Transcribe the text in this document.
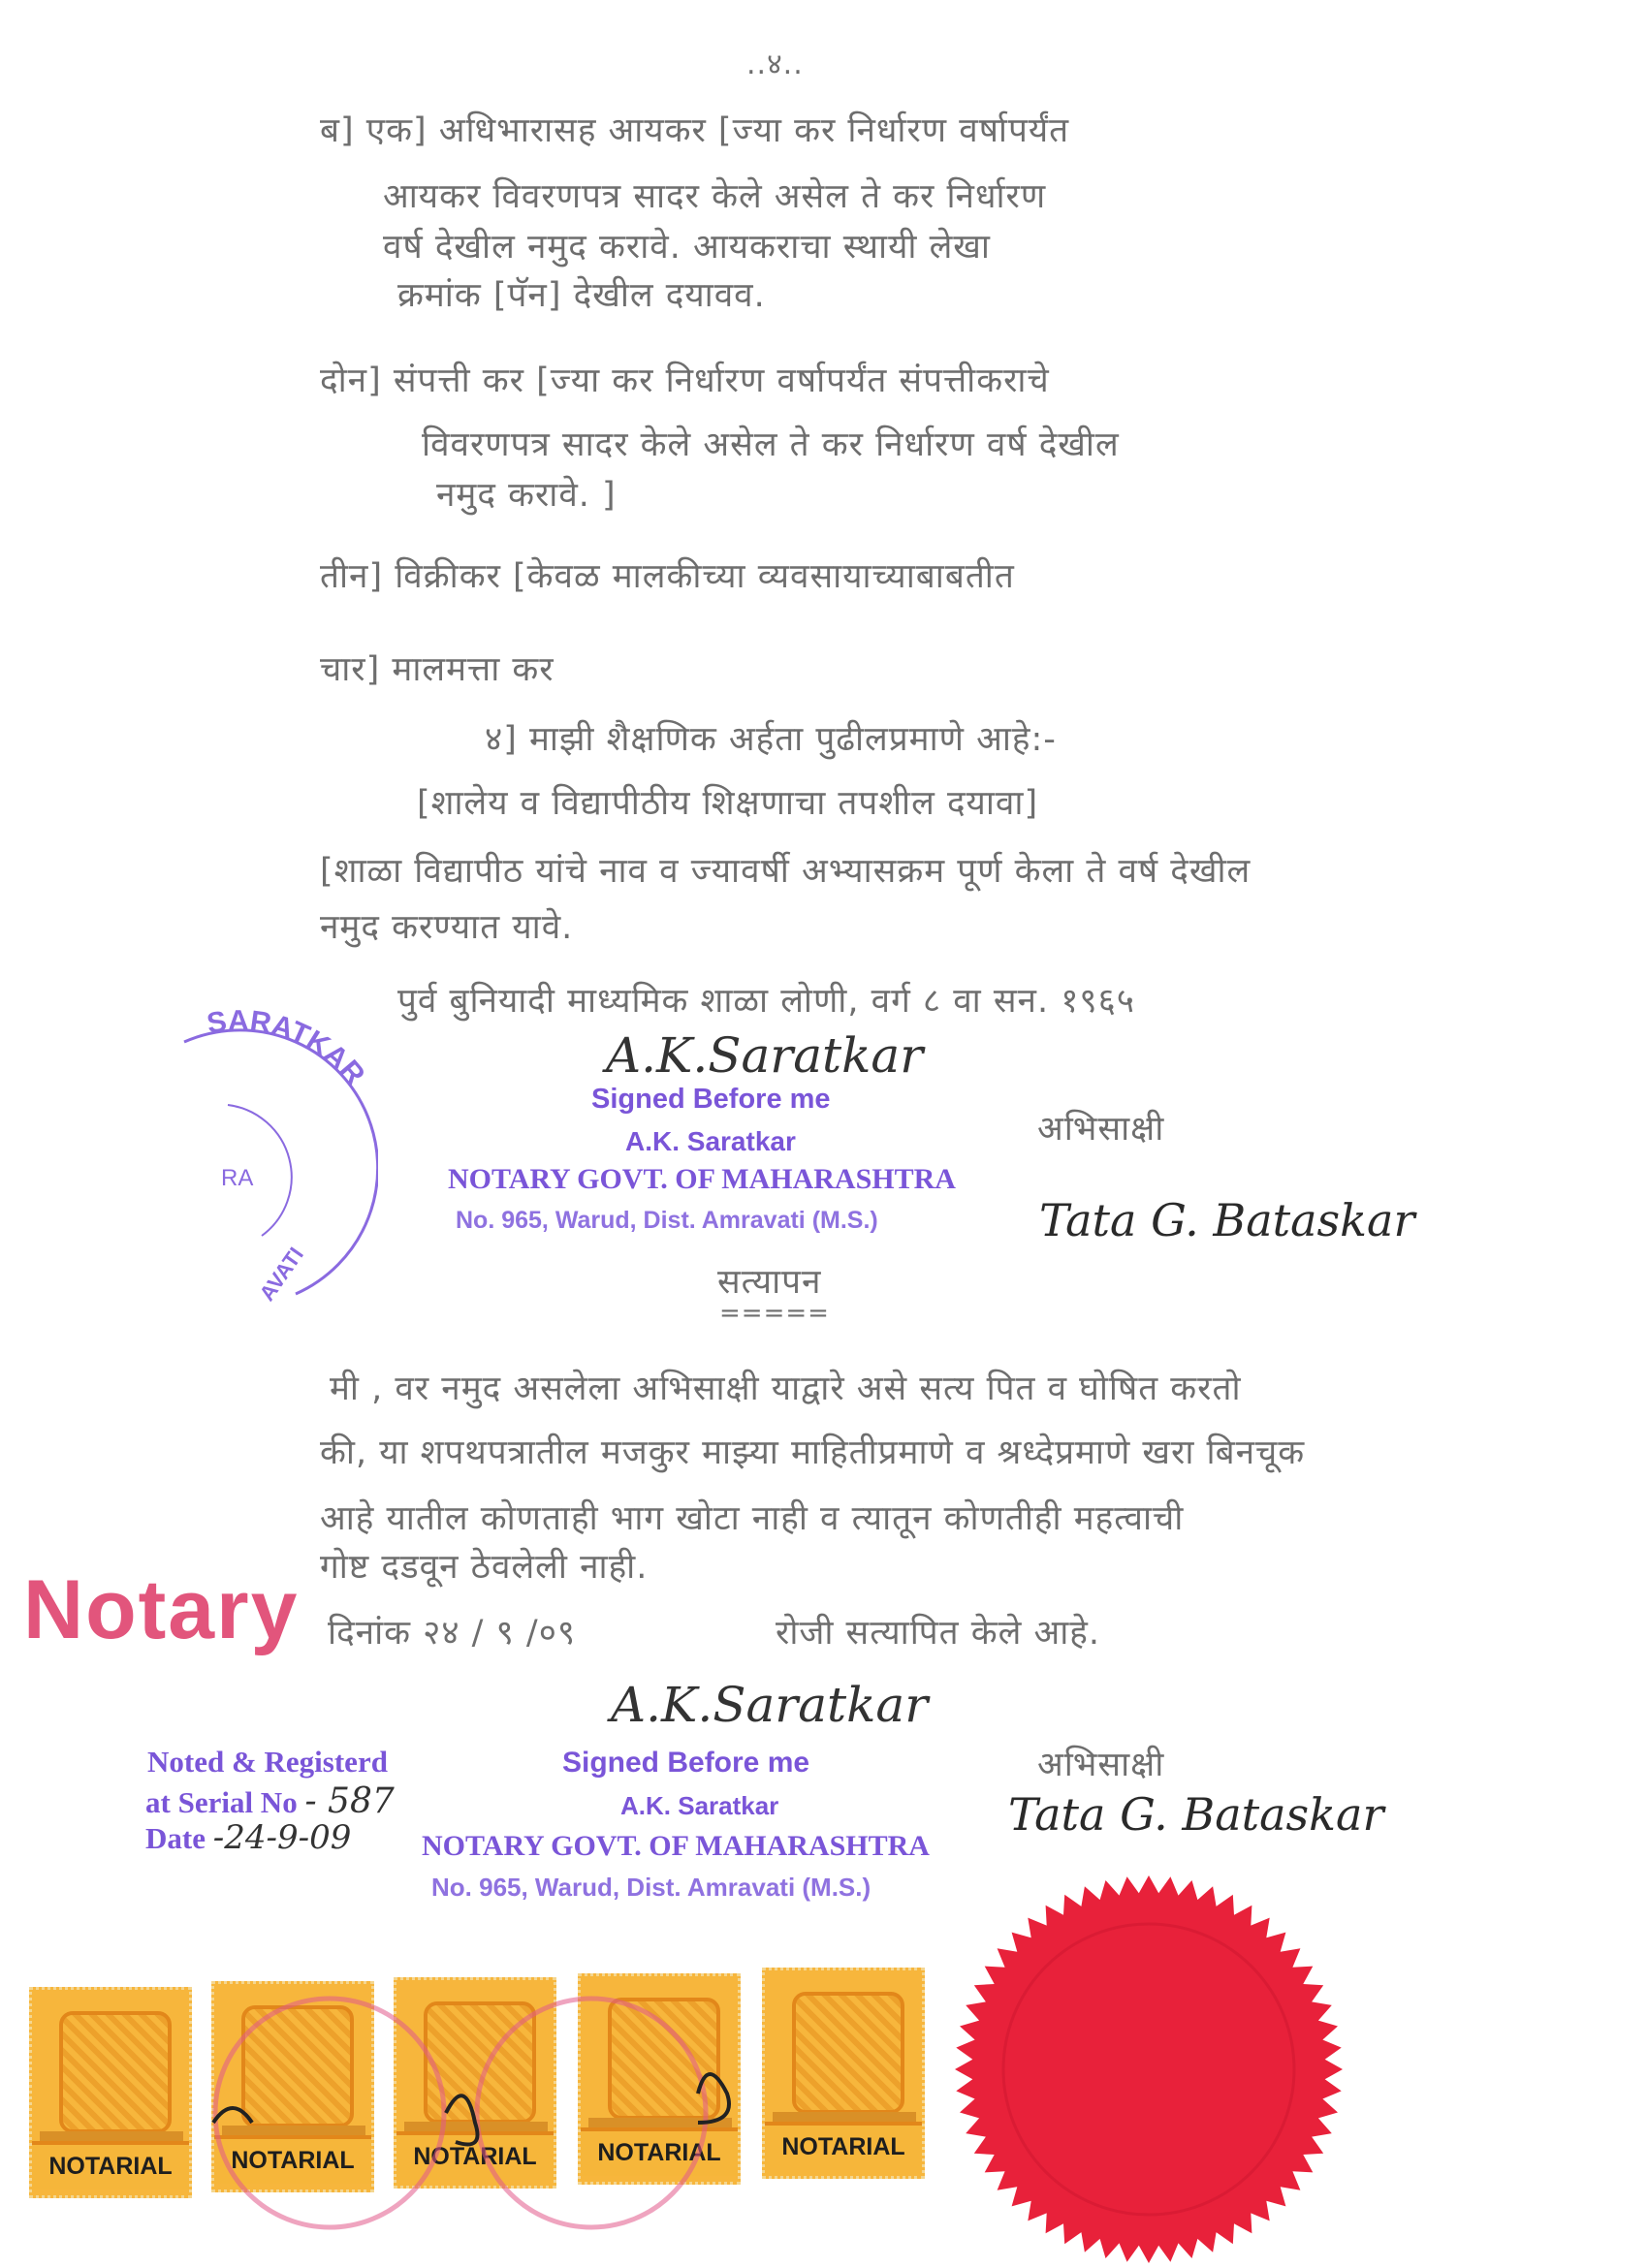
..४..
ब] एक] अधिभारासह आयकर [ज्या कर निर्धारण वर्षापर्यंत
आयकर विवरणपत्र सादर केले असेल ते कर निर्धारण
वर्ष देखील नमुद करावे. आयकराचा स्थायी लेखा
क्रमांक [पॅन] देखील दयावव.
दोन] संपत्ती कर [ज्या कर निर्धारण वर्षापर्यंत संपत्तीकराचे
विवरणपत्र सादर केले असेल ते कर निर्धारण वर्ष देखील
नमुद करावे. ]
तीन] विक्रीकर [केवळ मालकीच्या व्यवसायाच्याबाबतीत
चार] मालमत्ता कर
४] माझी शैक्षणिक अर्हता पुढीलप्रमाणे आहे:-
[शालेय व विद्यापीठीय शिक्षणाचा तपशील दयावा]
[शाळा विद्यापीठ यांचे नाव व ज्यावर्षी अभ्यासक्रम पूर्ण केला ते वर्ष देखील
नमुद करण्यात यावे.
पुर्व बुनियादी माध्यमिक शाळा लोणी, वर्ग ८ वा सन. १९६५
अभिसाक्षी
सत्यापन
=====
मी , वर नमुद असलेला अभिसाक्षी याद्वारे असे सत्य पित व घोषित करतो
की, या शपथपत्रातील मजकुर माझ्या माहितीप्रमाणे व श्रध्देप्रमाणे खरा बिनचूक
आहे यातील कोणताही भाग खोटा नाही व त्यातून कोणतीही महत्वाची
गोष्ट दडवून ठेवलेली नाही.
दिनांक २४ / ९ /०९	रोजी सत्यापित केले आहे.
अभिसाक्षी
SARATKAR
RA
AVATI
A.K.Saratkar
Signed Before me
A.K. Saratkar
NOTARY GOVT. OF MAHARASHTRA
No. 965, Warud, Dist. Amravati (M.S.)	Tata G. Bataskar
Notary
A.K.Saratkar
Signed Before me
A.K. Saratkar
NOTARY GOVT. OF MAHARASHTRA
No. 965, Warud, Dist. Amravati (M.S.)
Noted & Registerd
at Serial No - 587
Date -24-9-09	Tata G. Bataskar
NOTARIAL	NOTARIAL	NOTARIAL	NOTARIAL	NOTARIAL
